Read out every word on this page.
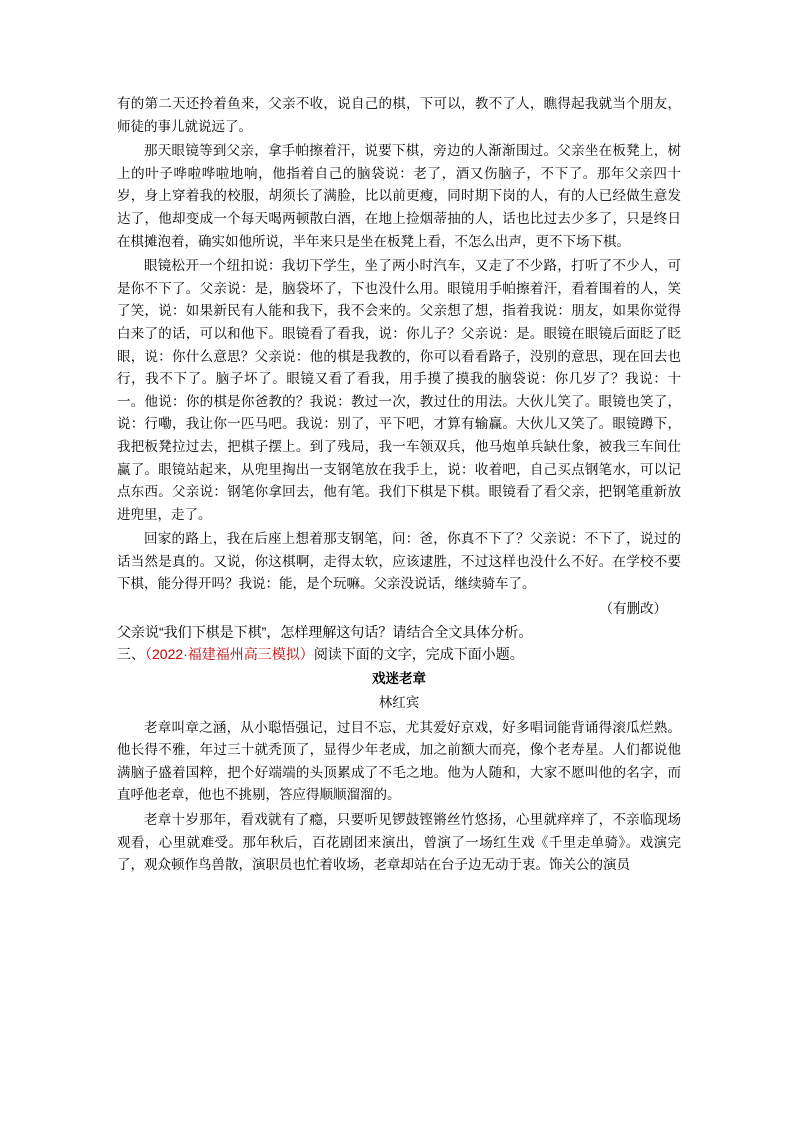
有的第二天还拎着鱼来，父亲不收，说自己的棋，下可以，教不了人，瞧得起我就当个朋友，师徒的事儿就说远了。

那天眼镜等到父亲，拿手帕擦着汗，说要下棋，旁边的人渐渐围过。父亲坐在板凳上，树上的叶子哗啦哗啦地响，他指着自己的脑袋说：老了，酒又伤脑子，不下了。那年父亲四十岁，身上穿着我的校服，胡须长了满脸，比以前更瘦，同时期下岗的人，有的人已经做生意发达了，他却变成一个每天喝两顿散白酒，在地上捡烟蒂抽的人，话也比过去少多了，只是终日在棋摊泡着，确实如他所说，半年来只是坐在板凳上看，不怎么出声，更不下场下棋。

眼镜松开一个纽扣说：我切下学生，坐了两小时汽车，又走了不少路，打听了不少人，可是你不下了。父亲说：是，脑袋坏了，下也没什么用。眼镜用手帕擦着汗，看着围着的人，笑了笑，说：如果新民有人能和我下，我不会来的。父亲想了想，指着我说：朋友，如果你觉得白来了的话，可以和他下。眼镜看了看我，说：你儿子？父亲说：是。眼镜在眼镜后面眨了眨眼，说：你什么意思？父亲说：他的棋是我教的，你可以看看路子，没别的意思，现在回去也行，我不下了。脑子坏了。眼镜又看了看我，用手摸了摸我的脑袋说：你几岁了？我说：十一。他说：你的棋是你爸教的？我说：教过一次，教过仕的用法。大伙儿笑了。眼镜也笑了，说：行嘞，我让你一匹马吧。我说：别了，平下吧，才算有输赢。大伙儿又笑了。眼镜蹲下，我把板凳拉过去，把棋子摆上。到了残局，我一车领双兵，他马炮单兵缺仕象，被我三车间仕赢了。眼镜站起来，从兜里掏出一支钢笔放在我手上，说：收着吧，自己买点钢笔水，可以记点东西。父亲说：钢笔你拿回去，他有笔。我们下棋是下棋。眼镜看了看父亲，把钢笔重新放进兜里，走了。

回家的路上，我在后座上想着那支钢笔，问：爸，你真不下了？父亲说：不下了，说过的话当然是真的。又说，你这棋啊，走得太软，应该逮胜，不过这样也没什么不好。在学校不要下棋，能分得开吗？我说：能，是个玩嘛。父亲没说话，继续骑车了。

（有删改）

父亲说“我们下棋是下棋”，怎样理解这句话？请结合全文具体分析。

三、（2022·福建福州高三模拟）阅读下面的文字，完成下面小题。

戏迷老章

林红宾

老章叫章之涵，从小聪悟强记，过目不忘，尤其爱好京戏，好多唱词能背诵得滚瓜烂熟。他长得不雅，年过三十就秃顶了，显得少年老成，加之前额大而亮，像个老寿星。人们都说他满脑子盛着国粹，把个好端端的头顶累成了不毛之地。他为人随和，大家不愿叫他的名字，而直呼他老章，他也不挑剔，答应得顺顺溜溜的。

老章十岁那年，看戏就有了瘾，只要听见锣鼓铿锵丝竹悠扬，心里就痒痒了，不亲临现场观看，心里就难受。那年秋后，百花剧团来演出，曾演了一场红生戏《千里走单骑》。戏演完了，观众顿作鸟兽散，演职员也忙着收场，老章却站在台子边无动于衷。饰关公的演员
